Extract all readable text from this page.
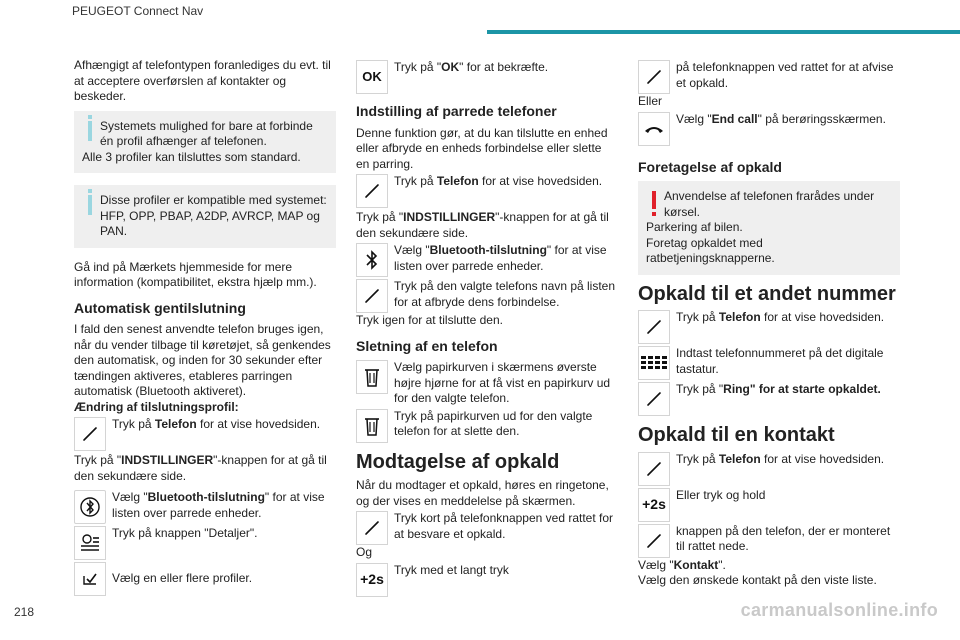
PEUGEOT Connect Nav

Afhængigt af telefontypen foranlediges du evt. til at acceptere overførslen af kontakter og beskeder.

Systemets mulighed for bare at forbinde én profil afhænger af telefonen.
Alle 3 profiler kan tilsluttes som standard.
Disse profiler er kompatible med systemet: HFP, OPP, PBAP, A2DP, AVRCP, MAP og PAN.

Gå ind på Mærkets hjemmeside for mere information (kompatibilitet, ekstra hjælp mm.).

Automatisk gentilslutning

I fald den senest anvendte telefon bruges igen, når du vender tilbage til køretøjet, så genkendes den automatisk, og inden for 30 sekunder efter tændingen aktiveres, etableres parringen automatisk (Bluetooth aktiveret).

Ændring af tilslutningsprofil:

Tryk på Telefon for at vise hovedsiden.

Tryk på "INDSTILLINGER"-knappen for at gå til den sekundære side.

Vælg "Bluetooth-tilslutning" for at vise listen over parrede enheder.
Tryk på knappen "Detaljer".
Vælg en eller flere profiler.
OK
Tryk på "OK" for at bekræfte.
Indstilling af parrede telefoner

Denne funktion gør, at du kan tilslutte en enhed eller afbryde en enheds forbindelse eller slette en parring.

Tryk på Telefon for at vise hovedsiden.

Tryk på "INDSTILLINGER"-knappen for at gå til den sekundære side.

Vælg "Bluetooth-tilslutning" for at vise listen over parrede enheder.
Tryk på den valgte telefons navn på listen for at afbryde dens forbindelse.

Tryk igen for at tilslutte den.

Sletning af en telefon
Vælg papirkurven i skærmens øverste højre hjørne for at få vist en papirkurv ud for den valgte telefon.
Tryk på papirkurven ud for den valgte telefon for at slette den.
Modtagelse af opkald

Når du modtager et opkald, høres en ringetone, og der vises en meddelelse på skærmen.

Tryk kort på telefonknappen ved rattet for at besvare et opkald.

Og

+2s
Tryk med et langt tryk
på telefonknappen ved rattet for at afvise et opkald.

Eller

Vælg "End call" på berøringsskærmen.
Foretagelse af opkald
Anvendelse af telefonen frarådes under kørsel.
Parkering af bilen.
Foretag opkaldet med ratbetjeningsknapperne.
Opkald til et andet nummer
Tryk på Telefon for at vise hovedsiden.
Indtast telefonnummeret på det digitale tastatur.
Tryk på "Ring" for at starte opkaldet.
Opkald til en kontakt
Tryk på Telefon for at vise hovedsiden.
+2s
Eller tryk og hold
knappen på den telefon, der er monteret til rattet nede.

Vælg "Kontakt".

Vælg den ønskede kontakt på den viste liste.

218	carmanualsonline.info
